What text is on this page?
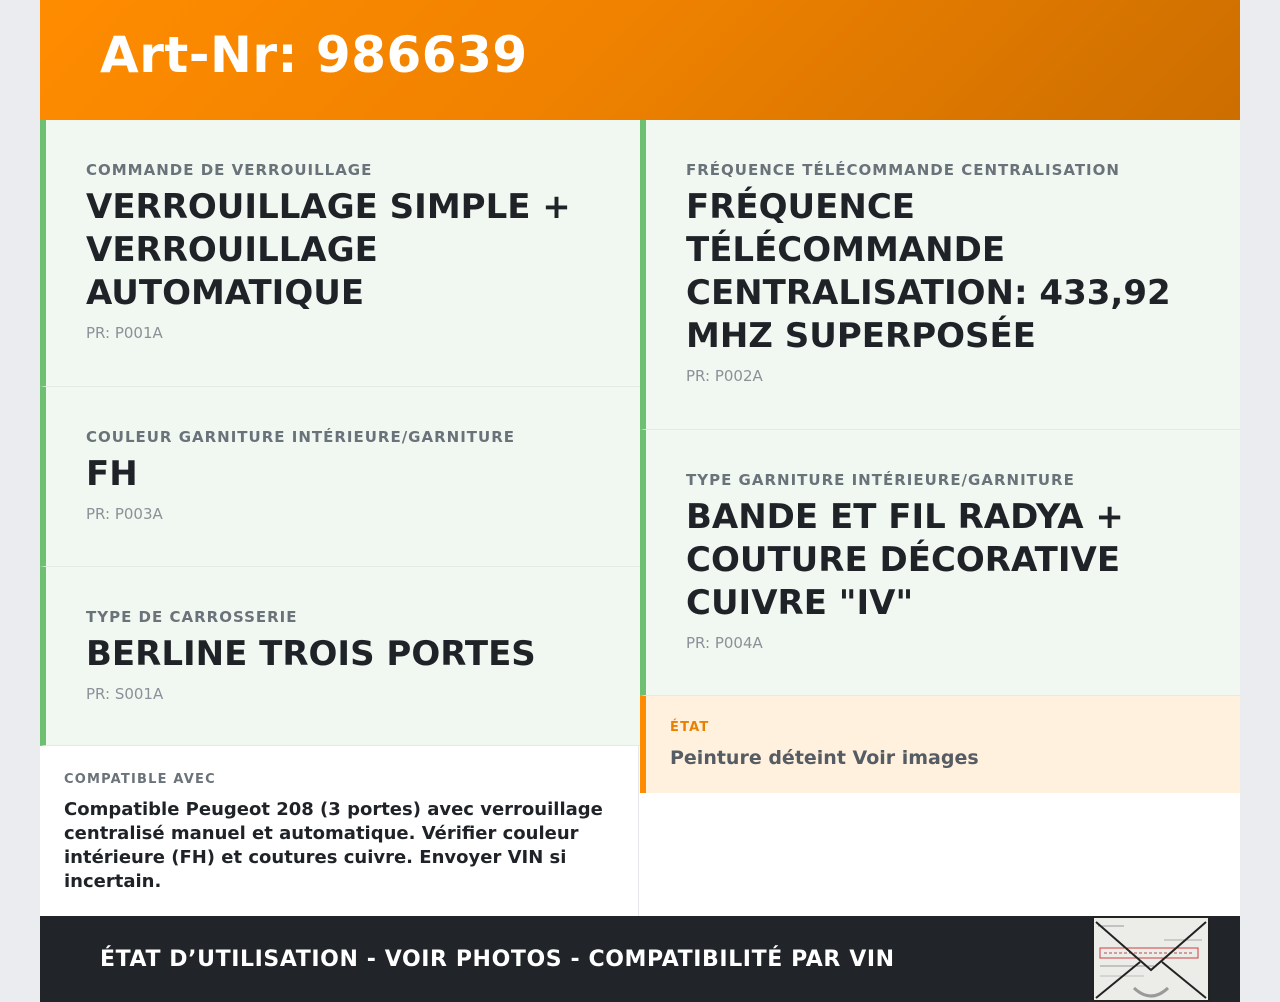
Art-Nr: 986639
COMMANDE DE VERROUILLAGE
VERROUILLAGE SIMPLE + VERROUILLAGE AUTOMATIQUE
PR: P001A
COULEUR GARNITURE INTÉRIEURE/GARNITURE
FH
PR: P003A
TYPE DE CARROSSERIE
BERLINE TROIS PORTES
PR: S001A
FRÉQUENCE TÉLÉCOMMANDE CENTRALISATION
FRÉQUENCE TÉLÉCOMMANDE CENTRALISATION: 433,92 MHZ SUPERPOSÉE
PR: P002A
TYPE GARNITURE INTÉRIEURE/GARNITURE
BANDE ET FIL RADYA + COUTURE DÉCORATIVE CUIVRE "IV"
PR: P004A
COMPATIBLE AVEC
Compatible Peugeot 208 (3 portes) avec verrouillage centralisé manuel et automatique. Vérifier couleur intérieure (FH) et coutures cuivre. Envoyer VIN si incertain.
ÉTAT
Peinture déteint Voir images
ÉTAT D’UTILISATION - VOIR PHOTOS - COMPATIBILITÉ PAR VIN
